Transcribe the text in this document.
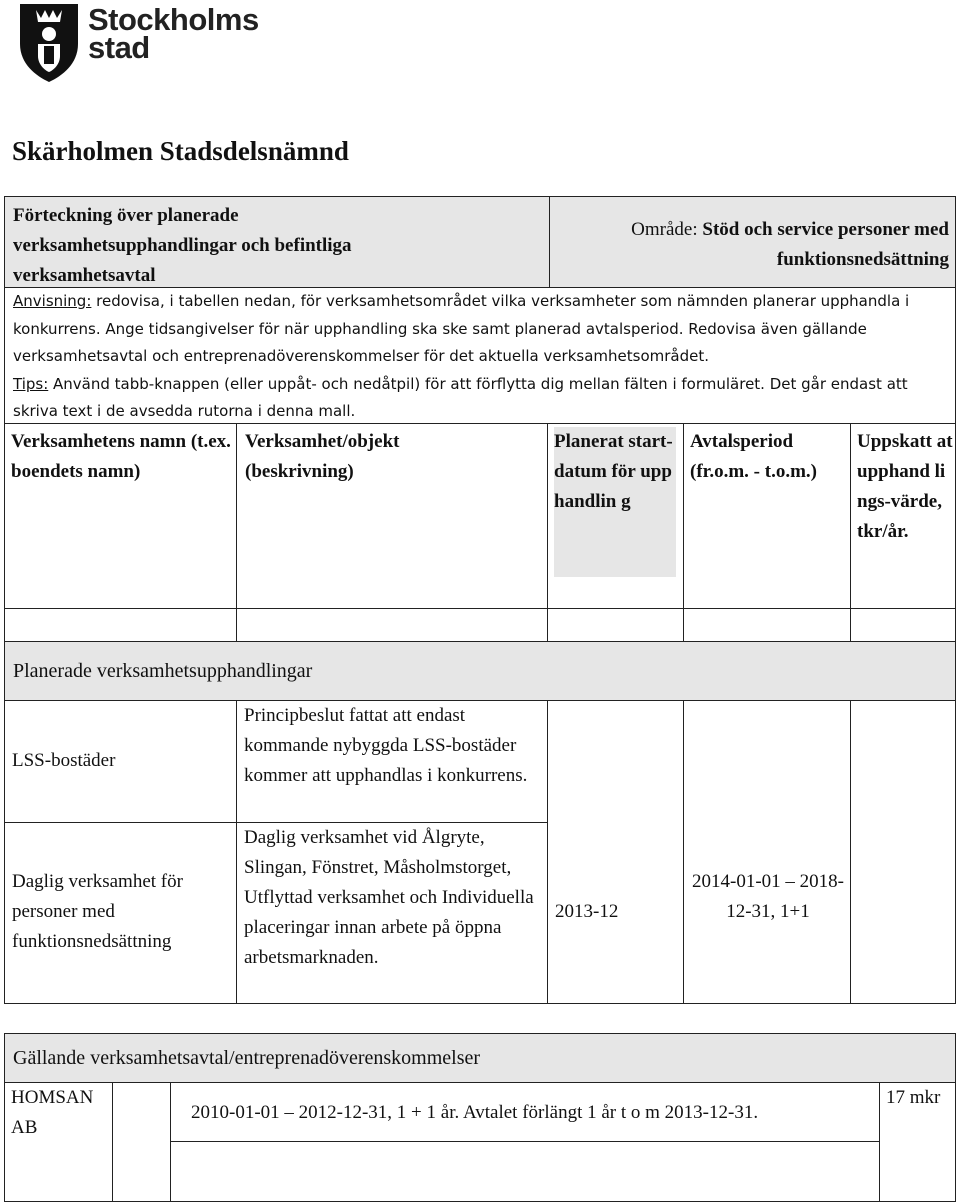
Stockholms
stad
Skärholmen Stadsdelsnämnd
Förteckning över planerade verksamhetsupphandlingar och befintliga verksamhetsavtal
Område: Stöd och service personer med funktionsnedsättning

Anvisning: redovisa, i tabellen nedan, för verksamhetsområdet vilka verksamheter som nämnden planerar upphandla i konkurrens. Ange tidsangivelser för när upphandling ska ske samt planerad avtalsperiod. Redovisa även gällande verksamhetsavtal och entreprenadöverenskommelser för det aktuella verksamhetsområdet.

Tips: Använd tabb-knappen (eller uppåt- och nedåtpil) för att förflytta dig mellan fälten i formuläret. Det går endast att skriva text i de avsedda rutorna i denna mall.

Verksamhetens namn (t.ex. boendets namn)
Verksamhet/objekt (beskrivning)
Planerat start-datum för upphandlin g
Avtalsperiod (fr.o.m. - t.o.m.)
Uppskatt at upphand lings-värde, tkr/år.
Planerade verksamhetsupphandlingar
LSS-bostäder
Daglig verksamhet för personer med funktionsnedsättning
Principbeslut fattat att endast kommande nybyggda LSS-bostäder kommer att upphandlas i konkurrens.
Daglig verksamhet vid Ålgryte, Slingan, Fönstret, Måsholmstorget, Utflyttad verksamhet och Individuella placeringar innan arbete på öppna arbetsmarknaden.
2013-12
2014-01-01 – 2018-12-31, 1+1
Gällande verksamhetsavtal/entreprenadöverenskommelser
HOMSAN AB
2010-01-01 – 2012-12-31, 1 + 1 år. Avtalet förlängt 1 år t o m 2013-12-31.
17 mkr
